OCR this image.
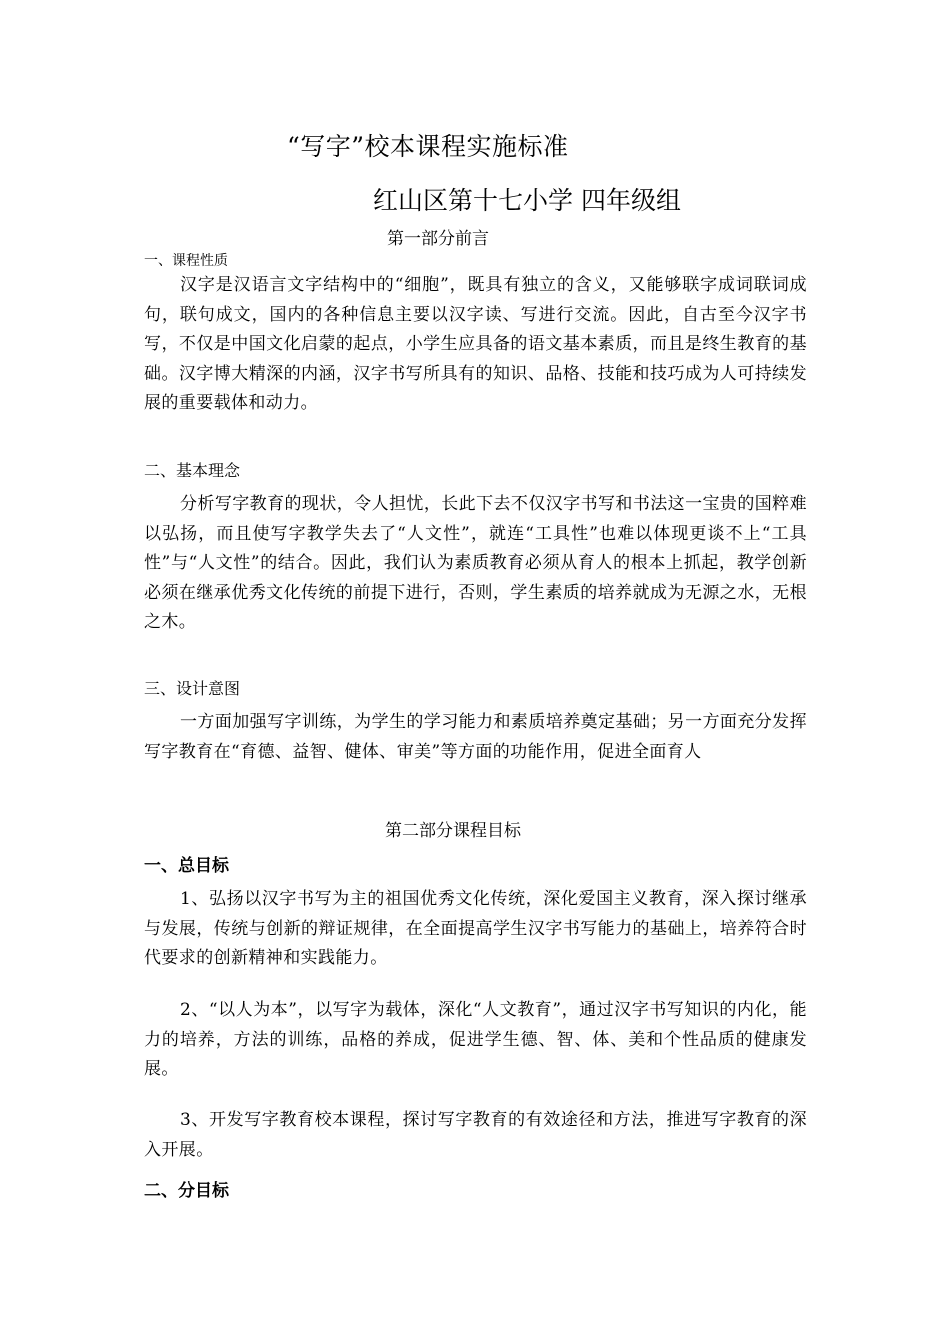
“写字”校本课程实施标准
红山区第十七小学 四年级组
第一部分前言
一、课程性质

汉字是汉语言文字结构中的“细胞”，既具有独立的含义，又能够联字成词联词成句，联句成文，国内的各种信息主要以汉字读、写进行交流。因此，自古至今汉字书写，不仅是中国文化启蒙的起点，小学生应具备的语文基本素质，而且是终生教育的基础。汉字博大精深的内涵，汉字书写所具有的知识、品格、技能和技巧成为人可持续发展的重要载体和动力。

二、基本理念

分析写字教育的现状，令人担忧，长此下去不仅汉字书写和书法这一宝贵的国粹难以弘扬，而且使写字教学失去了“人文性”，就连“工具性”也难以体现更谈不上“工具性”与“人文性”的结合。因此，我们认为素质教育必须从育人的根本上抓起，教学创新必须在继承优秀文化传统的前提下进行，否则，学生素质的培养就成为无源之水，无根之木。

三、设计意图

一方面加强写字训练，为学生的学习能力和素质培养奠定基础；另一方面充分发挥写字教育在“育德、益智、健体、审美”等方面的功能作用，促进全面育人

第二部分课程目标
一、总目标

1、弘扬以汉字书写为主的祖国优秀文化传统，深化爱国主义教育，深入探讨继承与发展，传统与创新的辩证规律，在全面提高学生汉字书写能力的基础上，培养符合时代要求的创新精神和实践能力。

2、“以人为本”，以写字为载体，深化“人文教育”，通过汉字书写知识的内化，能力的培养，方法的训练，品格的养成，促进学生德、智、体、美和个性品质的健康发展。

3、开发写字教育校本课程，探讨写字教育的有效途径和方法，推进写字教育的深入开展。

二、分目标
